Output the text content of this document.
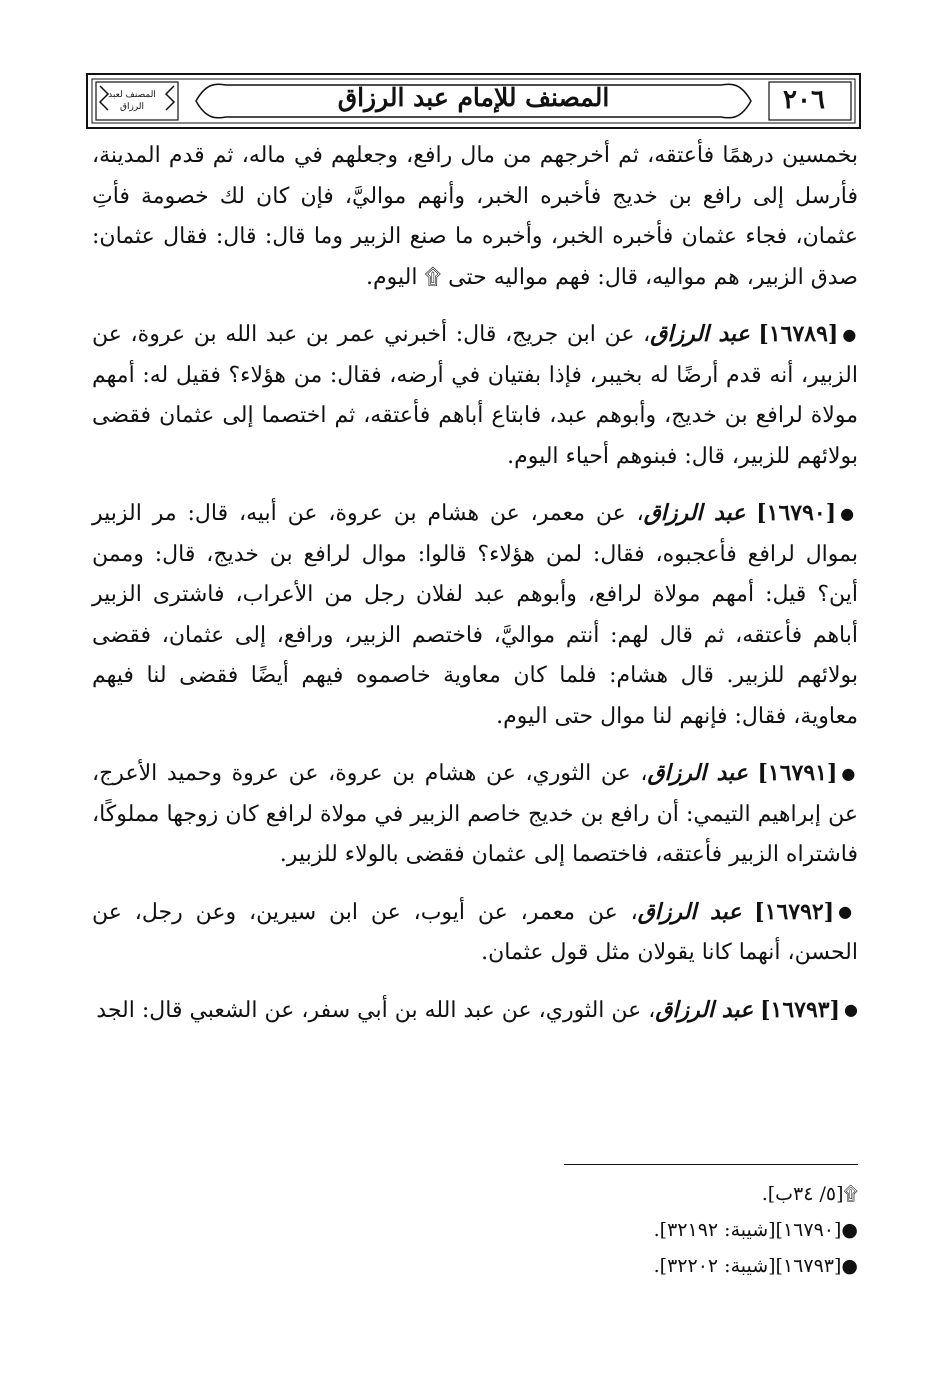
٢٠٦
المصنف للإمام عبد الرزاق
المصنف لعبد الرزاق

بخمسين درهمًا فأعتقه، ثم أخرجهم من مال رافع، وجعلهم في ماله، ثم قدم المدينة، فأرسل إلى رافع بن خديج فأخبره الخبر، وأنهم مواليَّ، فإن كان لك خصومة فأتِ عثمان، فجاء عثمان فأخبره الخبر، وأخبره ما صنع الزبير وما قال: قال: فقال عثمان: صدق الزبير، هم مواليه، قال: فهم مواليه حتى ۩ اليوم.

●[١٦٧٨٩] عبد الرزاق، عن ابن جريج، قال: أخبرني عمر بن عبد الله بن عروة، عن الزبير، أنه قدم أرضًا له بخيبر، فإذا بفتيان في أرضه، فقال: من هؤلاء؟ فقيل له: أمهم مولاة لرافع بن خديج، وأبوهم عبد، فابتاع أباهم فأعتقه، ثم اختصما إلى عثمان فقضى بولائهم للزبير، قال: فبنوهم أحياء اليوم.

●[١٦٧٩٠] عبد الرزاق، عن معمر، عن هشام بن عروة، عن أبيه، قال: مر الزبير بموال لرافع فأعجبوه، فقال: لمن هؤلاء؟ قالوا: موال لرافع بن خديج، قال: وممن أين؟ قيل: أمهم مولاة لرافع، وأبوهم عبد لفلان رجل من الأعراب، فاشترى الزبير أباهم فأعتقه، ثم قال لهم: أنتم مواليَّ، فاختصم الزبير، ورافع، إلى عثمان، فقضى بولائهم للزبير. قال هشام: فلما كان معاوية خاصموه فيهم أيضًا فقضى لنا فيهم معاوية، فقال: فإنهم لنا موال حتى اليوم.

●[١٦٧٩١] عبد الرزاق، عن الثوري، عن هشام بن عروة، عن عروة وحميد الأعرج، عن إبراهيم التيمي: أن رافع بن خديج خاصم الزبير في مولاة لرافع كان زوجها مملوكًا، فاشتراه الزبير فأعتقه، فاختصما إلى عثمان فقضى بالولاء للزبير.

●[١٦٧٩٢] عبد الرزاق، عن معمر، عن أيوب، عن ابن سيرين، وعن رجل، عن الحسن، أنهما كانا يقولان مثل قول عثمان.

●[١٦٧٩٣] عبد الرزاق، عن الثوري، عن عبد الله بن أبي سفر، عن الشعبي قال: الجد

۩[٥/ ٣٤ب].

●[١٦٧٩٠][شيبة: ٣٢١٩٢].

●[١٦٧٩٣][شيبة: ٣٢٢٠٢].
